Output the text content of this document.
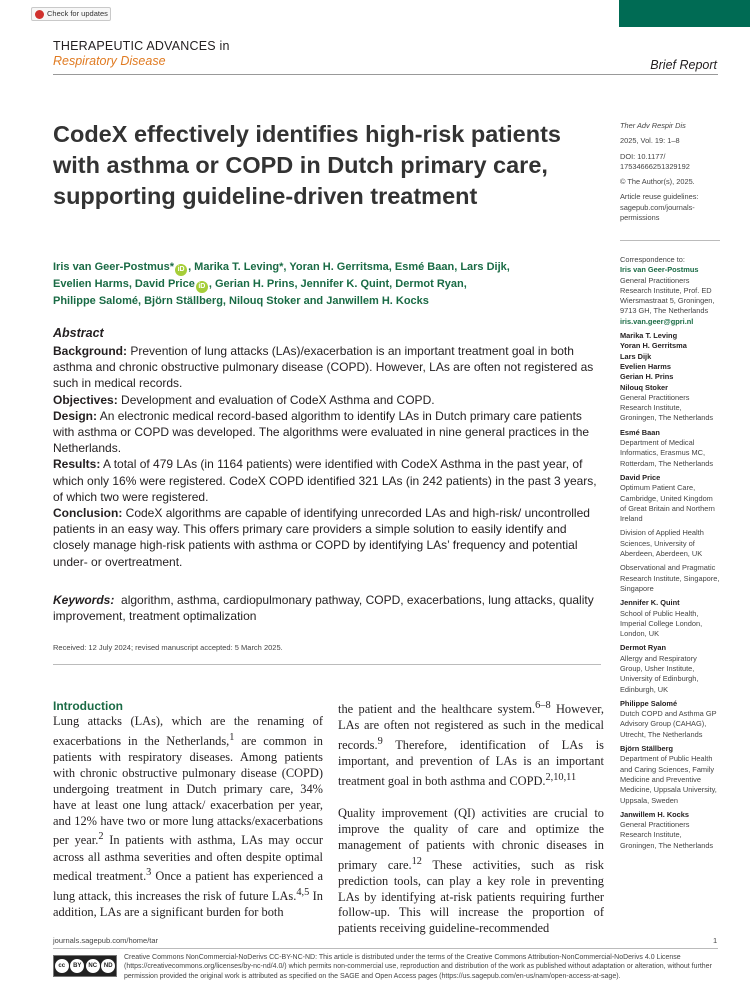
Check for updates
THERAPEUTIC ADVANCES in
Respiratory Disease	Brief Report
CodeX effectively identifies high-risk patients with asthma or COPD in Dutch primary care, supporting guideline-driven treatment
Iris van Geer-Postmus* iD , Marika T. Leving*, Yoran H. Gerritsma, Esmé Baan, Lars Dijk,
Evelien Harms, David Price iD , Gerian H. Prins, Jennifer K. Quint, Dermot Ryan,
Philippe Salomé, Björn Ställberg, Nilouq Stoker and Janwillem H. Kocks
Abstract

Background: Prevention of lung attacks (LAs)/exacerbation is an important treatment goal in both asthma and chronic obstructive pulmonary disease (COPD). However, LAs are often not registered as such in medical records.

Objectives: Development and evaluation of CodeX Asthma and COPD.

Design: An electronic medical record-based algorithm to identify LAs in Dutch primary care patients with asthma or COPD was developed. The algorithms were evaluated in nine general practices in the Netherlands.

Results: A total of 479 LAs (in 1164 patients) were identified with CodeX Asthma in the past year, of which only 16% were registered. CodeX COPD identified 321 LAs (in 242 patients) in the past 3 years, of which two were registered.

Conclusion: CodeX algorithms are capable of identifying unrecorded LAs and high-risk/ uncontrolled patients in an easy way. This offers primary care providers a simple solution to easily identify and closely manage high-risk patients with asthma or COPD by identifying LAs’ frequency and potential under- or overtreatment.

Keywords: algorithm, asthma, cardiopulmonary pathway, COPD, exacerbations, lung attacks, quality improvement, treatment optimalization
Received: 12 July 2024; revised manuscript accepted: 5 March 2025.
Introduction

Lung attacks (LAs), which are the renaming of exacerbations in the Netherlands,$^1$ are common in patients with respiratory diseases. Among patients with chronic obstructive pulmonary disease (COPD) undergoing treatment in Dutch primary care, 34% have at least one lung attack/ exacerbation per year, and 12% have two or more lung attacks/exacerbations per year.$^2$ In patients with asthma, LAs may occur across all asthma severities and often despite optimal medical treatment.$^3$ Once a patient has experienced a lung attack, this increases the risk of future LAs.$^{4,5}$ In addition, LAs are a significant burden for both

the patient and the healthcare system.$^{6-8}$ However, LAs are often not registered as such in the medical records.$^9$ Therefore, identification of LAs is important, and prevention of LAs is an important treatment goal in both asthma and COPD.$^{2,10,11}$

Quality improvement (QI) activities are crucial to improve the quality of care and optimize the management of patients with chronic diseases in primary care.$^{12}$ These activities, such as risk prediction tools, can play a key role in preventing LAs by identifying at-risk patients requiring further follow-up. This will increase the proportion of patients receiving guideline-recommended

Ther Adv Respir Dis

2025, Vol. 19: 1–8

DOI: 10.1177/

17534666251329192

© The Author(s), 2025.

Article reuse guidelines: sagepub.com/journals-permissions

Correspondence to:

Iris van Geer-Postmus

General Practitioners Research Institute, Prof. ED Wiersmastraat 5, Groningen, 9713 GH, The Netherlands

iris.van.geer@gpri.nl

Marika T. Leving

Yoran H. Gerritsma

Lars Dijk

Evelien Harms

Gerian H. Prins

Nilouq Stoker

General Practitioners Research Institute, Groningen, The Netherlands

Esmé Baan

Department of Medical Informatics, Erasmus MC, Rotterdam, The Netherlands

David Price

Optimum Patient Care, Cambridge, United Kingdom of Great Britain and Northern Ireland

Division of Applied Health Sciences, University of Aberdeen, Aberdeen, UK

Observational and Pragmatic Research Institute, Singapore, Singapore

Jennifer K. Quint

School of Public Health, Imperial College London, London, UK

Dermot Ryan

Allergy and Respiratory Group, Usher Institute, University of Edinburgh, Edinburgh, UK

Philippe Salomé

Dutch COPD and Asthma GP Advisory Group (CAHAG), Utrecht, The Netherlands

Björn Ställberg

Department of Public Health and Caring Sciences, Family Medicine and Preventive Medicine, Uppsala University, Uppsala, Sweden

Janwillem H. Kocks

General Practitioners Research Institute, Groningen, The Netherlands

journals.sagepub.com/home/tar	1
cc	BY	NC	ND
Creative Commons NonCommercial-NoDerivs CC-BY-NC-ND: This article is distributed under the terms of the Creative Commons Attribution-NonCommercial-NoDerivs 4.0 License (https://creativecommons.org/licenses/by-nc-nd/4.0/) which permits non-commercial use, reproduction and distribution of the work as published without adaptation or alteration, without further permission provided the original work is attributed as specified on the SAGE and Open Access pages (https://us.sagepub.com/en-us/nam/open-access-at-sage).
